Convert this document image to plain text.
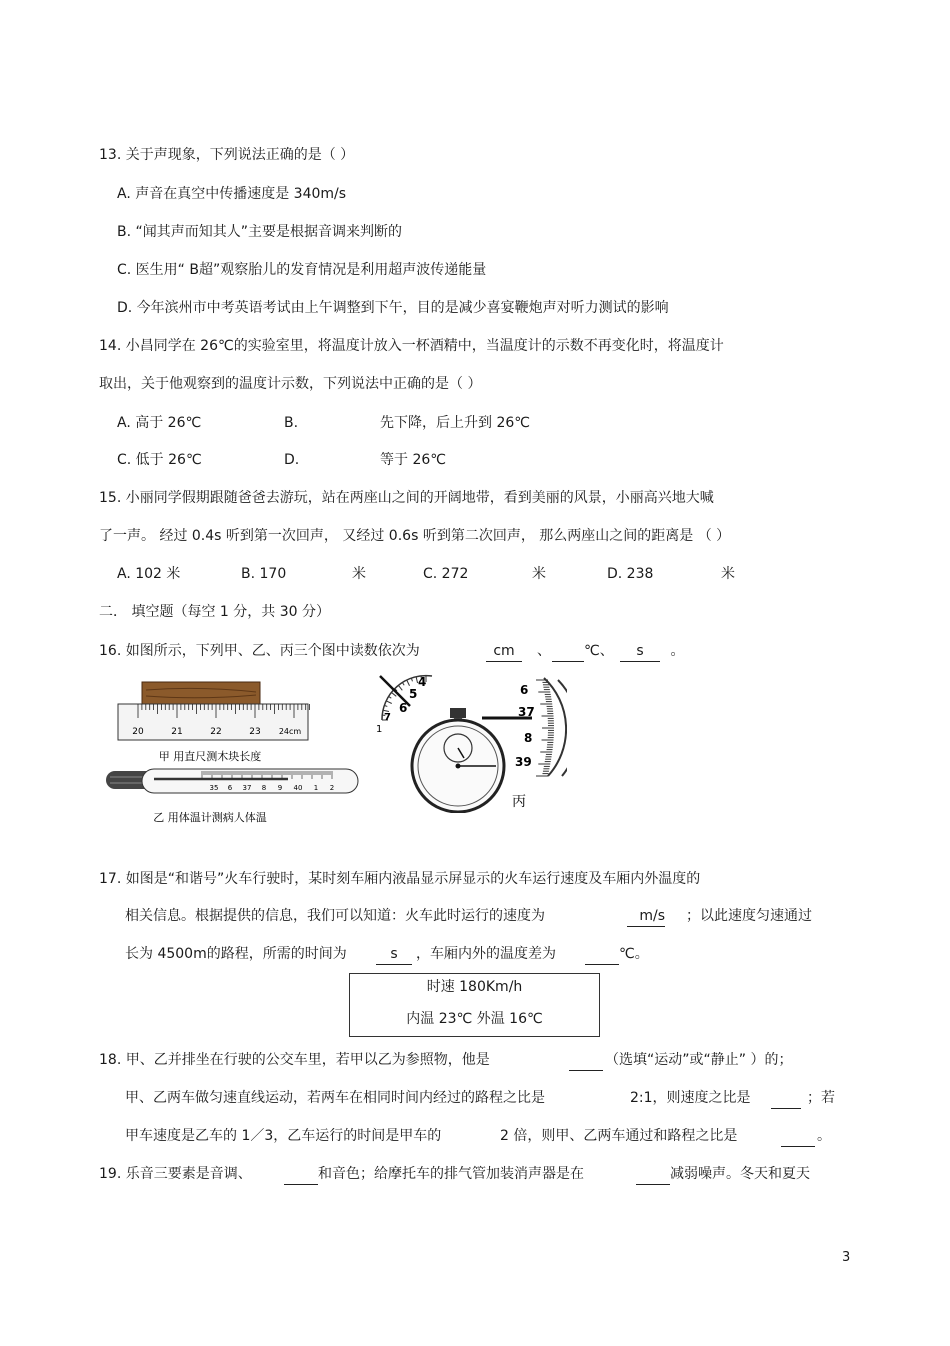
13. 关于声现象，下列说法正确的是（ ）
A. 声音在真空中传播速度是 340m/s
B. “闻其声而知其人”主要是根据音调来判断的
C. 医生用“ B超”观察胎儿的发育情况是利用超声波传递能量
D. 今年滨州市中考英语考试由上午调整到下午，目的是减少喜宴鞭炮声对听力测试的影响
14. 小昌同学在 26℃的实验室里，将温度计放入一杯酒精中，当温度计的示数不再变化时，将温度计
取出，关于他观察到的温度计示数，下列说法中正确的是（ ）
A. 高于 26℃	B.	先下降，后上升到 26℃
C. 低于 26℃	D.	等于 26℃
15. 小丽同学假期跟随爸爸去游玩，站在两座山之间的开阔地带，看到美丽的风景，小丽高兴地大喊
了一声。 经过 0.4s 听到第一次回声， 又经过 0.6s 听到第二次回声， 那么两座山之间的距离是 （ ）
A. 102 米	B. 170	米	C. 272	米	D. 238	米
二． 填空题（每空 1 分，共 30 分）
16. 如图所示，下列甲、乙、丙三个图中读数依次为	cm	、	℃、	s 。
20	21	22	23 24cm
甲 用直尺测木块长度
35 6 37 8 9 40 1 2
乙 用体温计测病人体温
4
5
6
7
1
6
37
8
39
丙
17. 如图是“和谐号”火车行驶时，某时刻车厢内液晶显示屏显示的火车运行速度及车厢内外温度的
相关信息。根据提供的信息，我们可以知道：火车此时运行的速度为	m/s ；以此速度匀速通过
长为 4500m的路程，所需的时间为	s	，车厢内外的温度差为	℃。
时速 180Km/h
内温 23℃ 外温 16℃
18. 甲、乙并排坐在行驶的公交车里，若甲以乙为参照物，他是
	（选填“运动”或“静止” ）的；
甲、乙两车做匀速直线运动，若两车在相同时间内经过的路程之比是	2:1，则速度之比是
	；若
甲车速度是乙车的 1／3，乙车运行的时间是甲车的	2 倍，则甲、乙两车通过和路程之比是
	。
19. 乐音三要素是音调、
	和音色；给摩托车的排气管加装消声器是在
	减弱噪声。冬天和夏天
3
